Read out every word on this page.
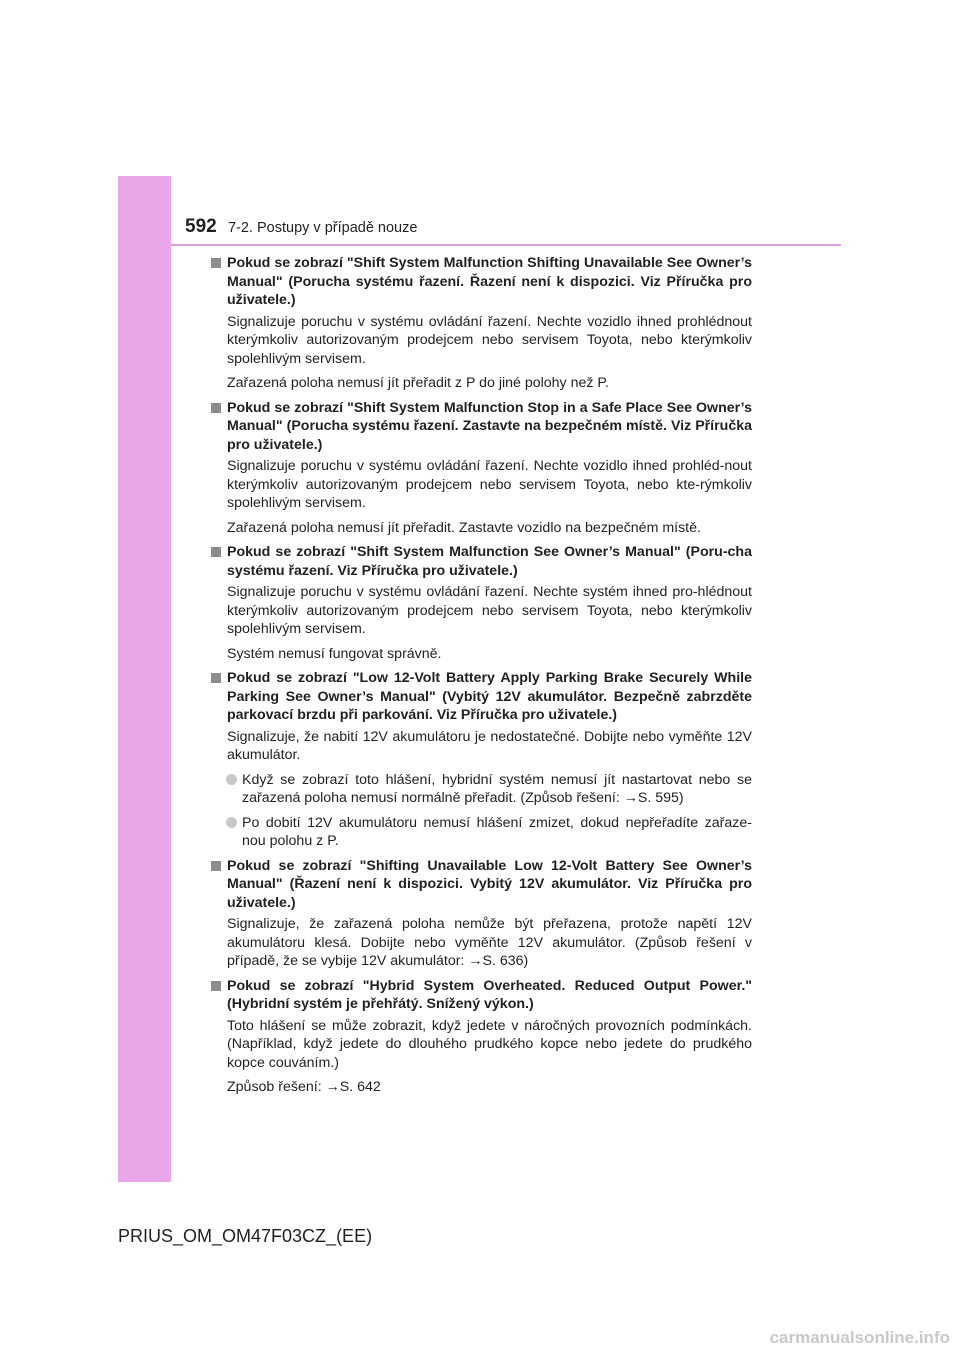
592 7-2. Postupy v případě nouze
Pokud se zobrazí "Shift System Malfunction Shifting Unavailable See Owner’s Manual" (Porucha systému řazení. Řazení není k dispozici. Viz Příručka pro uživatele.)
Signalizuje poruchu v systému ovládání řazení. Nechte vozidlo ihned prohlédnout kterýmkoliv autorizovaným prodejcem nebo servisem Toyota, nebo kterýmkoliv spolehlivým servisem.
Zařazená poloha nemusí jít přeřadit z P do jiné polohy než P.
Pokud se zobrazí "Shift System Malfunction Stop in a Safe Place See Owner’s Manual" (Porucha systému řazení. Zastavte na bezpečném místě. Viz Příručka pro uživatele.)
Signalizuje poruchu v systému ovládání řazení. Nechte vozidlo ihned prohléd-nout kterýmkoliv autorizovaným prodejcem nebo servisem Toyota, nebo kte-rýmkoliv spolehlivým servisem.
Zařazená poloha nemusí jít přeřadit. Zastavte vozidlo na bezpečném místě.
Pokud se zobrazí "Shift System Malfunction See Owner’s Manual" (Poru-cha systému řazení. Viz Příručka pro uživatele.)
Signalizuje poruchu v systému ovládání řazení. Nechte systém ihned pro-hlédnout kterýmkoliv autorizovaným prodejcem nebo servisem Toyota, nebo kterýmkoliv spolehlivým servisem.
Systém nemusí fungovat správně.
Pokud se zobrazí "Low 12-Volt Battery Apply Parking Brake Securely While Parking See Owner’s Manual" (Vybitý 12V akumulátor. Bezpečně zabrzděte parkovací brzdu při parkování. Viz Příručka pro uživatele.)
Signalizuje, že nabití 12V akumulátoru je nedostatečné. Dobijte nebo vyměňte 12V akumulátor.
Když se zobrazí toto hlášení, hybridní systém nemusí jít nastartovat nebo se zařazená poloha nemusí normálně přeřadit. (Způsob řešení: →S. 595)
Po dobití 12V akumulátoru nemusí hlášení zmizet, dokud nepřeřadíte zařaze-nou polohu z P.
Pokud se zobrazí "Shifting Unavailable Low 12-Volt Battery See Owner’s Manual" (Řazení není k dispozici. Vybitý 12V akumulátor. Viz Příručka pro uživatele.)
Signalizuje, že zařazená poloha nemůže být přeřazena, protože napětí 12V akumulátoru klesá. Dobijte nebo vyměňte 12V akumulátor. (Způsob řešení v případě, že se vybije 12V akumulátor: →S. 636)
Pokud se zobrazí "Hybrid System Overheated. Reduced Output Power." (Hybridní systém je přehřátý. Snížený výkon.)
Toto hlášení se může zobrazit, když jedete v náročných provozních podmínkách. (Například, když jedete do dlouhého prudkého kopce nebo jedete do prudkého kopce couváním.)
Způsob řešení: →S. 642
PRIUS_OM_OM47F03CZ_(EE)
carmanualsonline.info
